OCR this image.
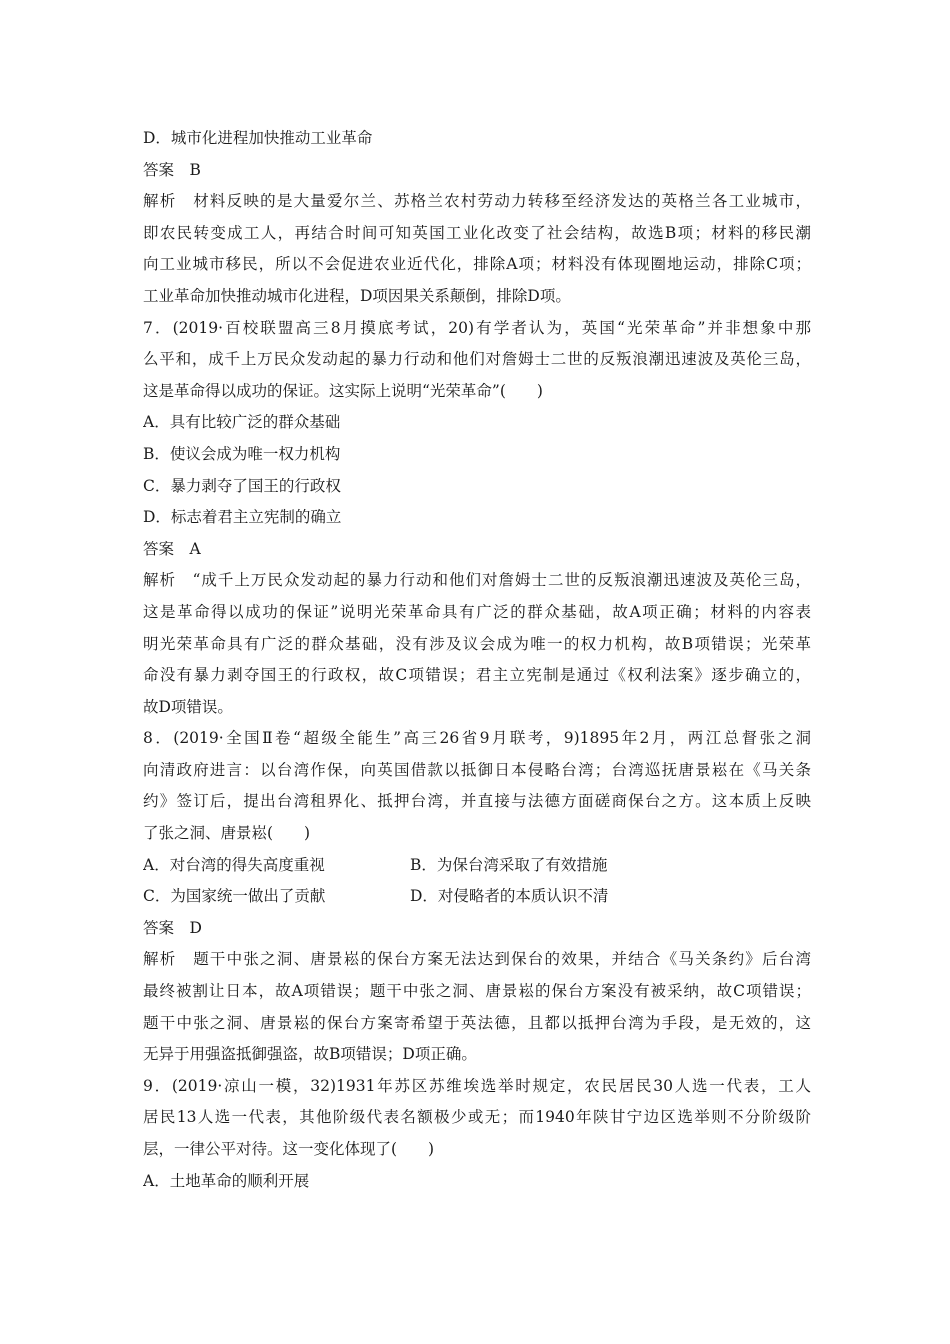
D．城市化进程加快推动工业革命
答案　B
解析　材料反映的是大量爱尔兰、苏格兰农村劳动力转移至经济发达的英格兰各工业城市，
即农民转变成工人，再结合时间可知英国工业化改变了社会结构，故选B项；材料的移民潮
向工业城市移民，所以不会促进农业近代化，排除A项；材料没有体现圈地运动，排除C项；
工业革命加快推动城市化进程，D项因果关系颠倒，排除D项。
7．(2019·百校联盟高三8月摸底考试，20)有学者认为，英国“光荣革命”并非想象中那
么平和，成千上万民众发动起的暴力行动和他们对詹姆士二世的反叛浪潮迅速波及英伦三岛，
这是革命得以成功的保证。这实际上说明“光荣革命”(　　)
A．具有比较广泛的群众基础
B．使议会成为唯一权力机构
C．暴力剥夺了国王的行政权
D．标志着君主立宪制的确立
答案　A
解析　“成千上万民众发动起的暴力行动和他们对詹姆士二世的反叛浪潮迅速波及英伦三岛，
这是革命得以成功的保证”说明光荣革命具有广泛的群众基础，故A项正确；材料的内容表
明光荣革命具有广泛的群众基础，没有涉及议会成为唯一的权力机构，故B项错误；光荣革
命没有暴力剥夺国王的行政权，故C项错误；君主立宪制是通过《权利法案》逐步确立的，
故D项错误。
8．(2019·全国Ⅱ卷“超级全能生”高三26省9月联考，9)1895年2月，两江总督张之洞
向清政府进言：以台湾作保，向英国借款以抵御日本侵略台湾；台湾巡抚唐景崧在《马关条
约》签订后，提出台湾租界化、抵押台湾，并直接与法德方面磋商保台之方。这本质上反映
了张之洞、唐景崧(　　)
A．对台湾的得失高度重视	B．为保台湾采取了有效措施
C．为国家统一做出了贡献	D．对侵略者的本质认识不清
答案　D
解析　题干中张之洞、唐景崧的保台方案无法达到保台的效果，并结合《马关条约》后台湾
最终被割让日本，故A项错误；题干中张之洞、唐景崧的保台方案没有被采纳，故C项错误；
题干中张之洞、唐景崧的保台方案寄希望于英法德，且都以抵押台湾为手段，是无效的，这
无异于用强盗抵御强盗，故B项错误；D项正确。
9．(2019·凉山一模，32)1931年苏区苏维埃选举时规定，农民居民30人选一代表，工人
居民13人选一代表，其他阶级代表名额极少或无；而1940年陕甘宁边区选举则不分阶级阶
层，一律公平对待。这一变化体现了(　　)
A．土地革命的顺利开展
